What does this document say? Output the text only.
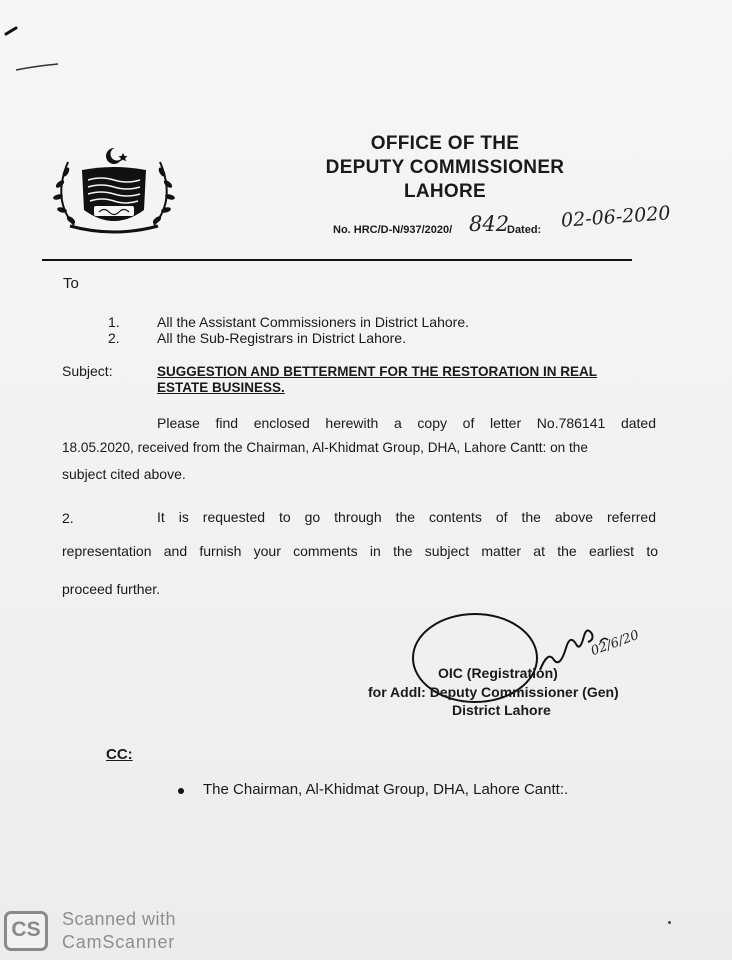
OFFICE OF THE
DEPUTY COMMISSIONER
LAHORE
No. HRC/D-N/937/2020/ 842
Dated: 02-06-2020
To
1.	All the Assistant Commissioners in District Lahore.
2.	All the Sub-Registrars in District Lahore.
Subject:	SUGGESTION AND BETTERMENT FOR THE RESTORATION IN REAL
ESTATE BUSINESS.
Please find enclosed herewith a copy of letter No.786141 dated
18.05.2020, received from the Chairman, Al-Khidmat Group, DHA, Lahore Cantt: on the
subject cited above.
2.	It is requested to go through the contents of the above referred
representation and furnish your comments in the subject matter at the earliest to
proceed further.
02/6/20
OIC (Registration)
for Addl: Deputy Commissioner (Gen)
District Lahore
CC:
The Chairman, Al-Khidmat Group, DHA, Lahore Cantt:.
CS Scanned with
CamScanner
